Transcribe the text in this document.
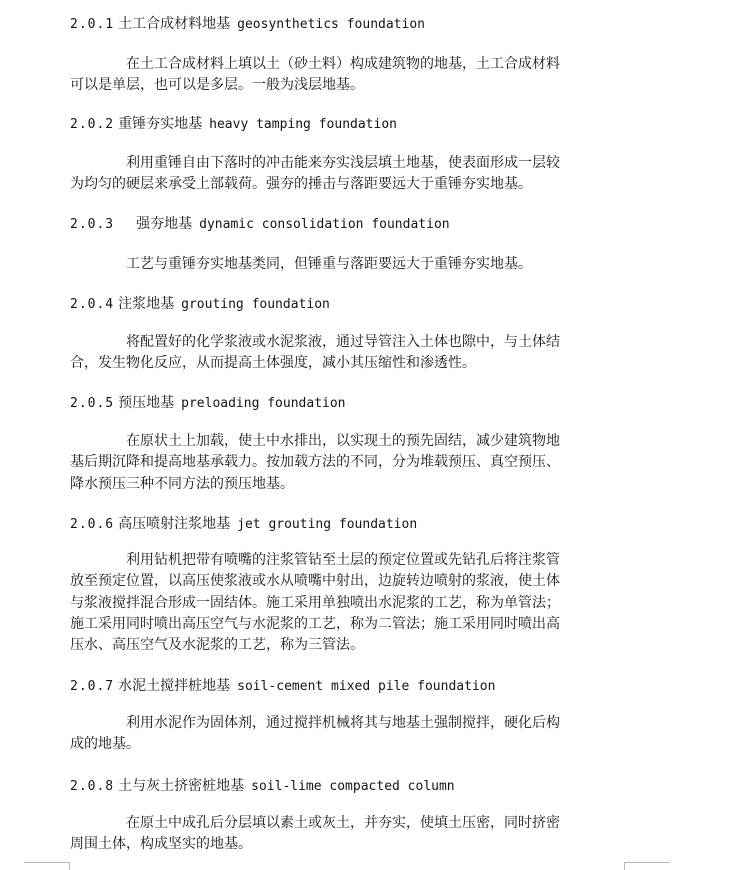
2.0.1 土工合成材料地基 geosynthetics foundation

在土工合成材料上填以土（砂土料）构成建筑物的地基，土工合成材料
可以是单层，也可以是多层。一般为浅层地基。

2.0.2 重锤夯实地基 heavy tamping foundation

利用重锤自由下落时的冲击能来夯实浅层填土地基，使表面形成一层较
为均匀的硬层来承受上部载荷。强夯的捶击与落距要远大于重锤夯实地基。

2.0.3 强夯地基 dynamic consolidation foundation

工艺与重锤夯实地基类同，但锤重与落距要远大于重锤夯实地基。

2.0.4 注浆地基 grouting foundation

将配置好的化学浆液或水泥浆液，通过导管注入土体也隙中，与土体结
合，发生物化反应，从而提高土体强度，减小其压缩性和渗透性。

2.0.5 预压地基 preloading foundation

在原状土上加载，使土中水排出，以实现土的预先固结，减少建筑物地
基后期沉降和提高地基承载力。按加载方法的不同，分为堆载预压、真空预压、
降水预压三种不同方法的预压地基。

2.0.6 高压喷射注浆地基 jet grouting foundation

利用钻机把带有喷嘴的注浆管钻至土层的预定位置或先钻孔后将注浆管
放至预定位置，以高压使浆液或水从喷嘴中射出，边旋转边喷射的浆液，使土体
与浆液搅拌混合形成一固结体。施工采用单独喷出水泥浆的工艺，称为单管法；
施工采用同时喷出高压空气与水泥浆的工艺，称为二管法；施工采用同时喷出高
压水、高压空气及水泥浆的工艺，称为三管法。

2.0.7 水泥土搅拌桩地基 soil-cement mixed pile foundation

利用水泥作为固体剂，通过搅拌机械将其与地基土强制搅拌，硬化后构
成的地基。

2.0.8 土与灰土挤密桩地基 soil-lime compacted column

在原土中成孔后分层填以素土或灰土，并夯实，使填土压密，同时挤密
周围土体，构成坚实的地基。
